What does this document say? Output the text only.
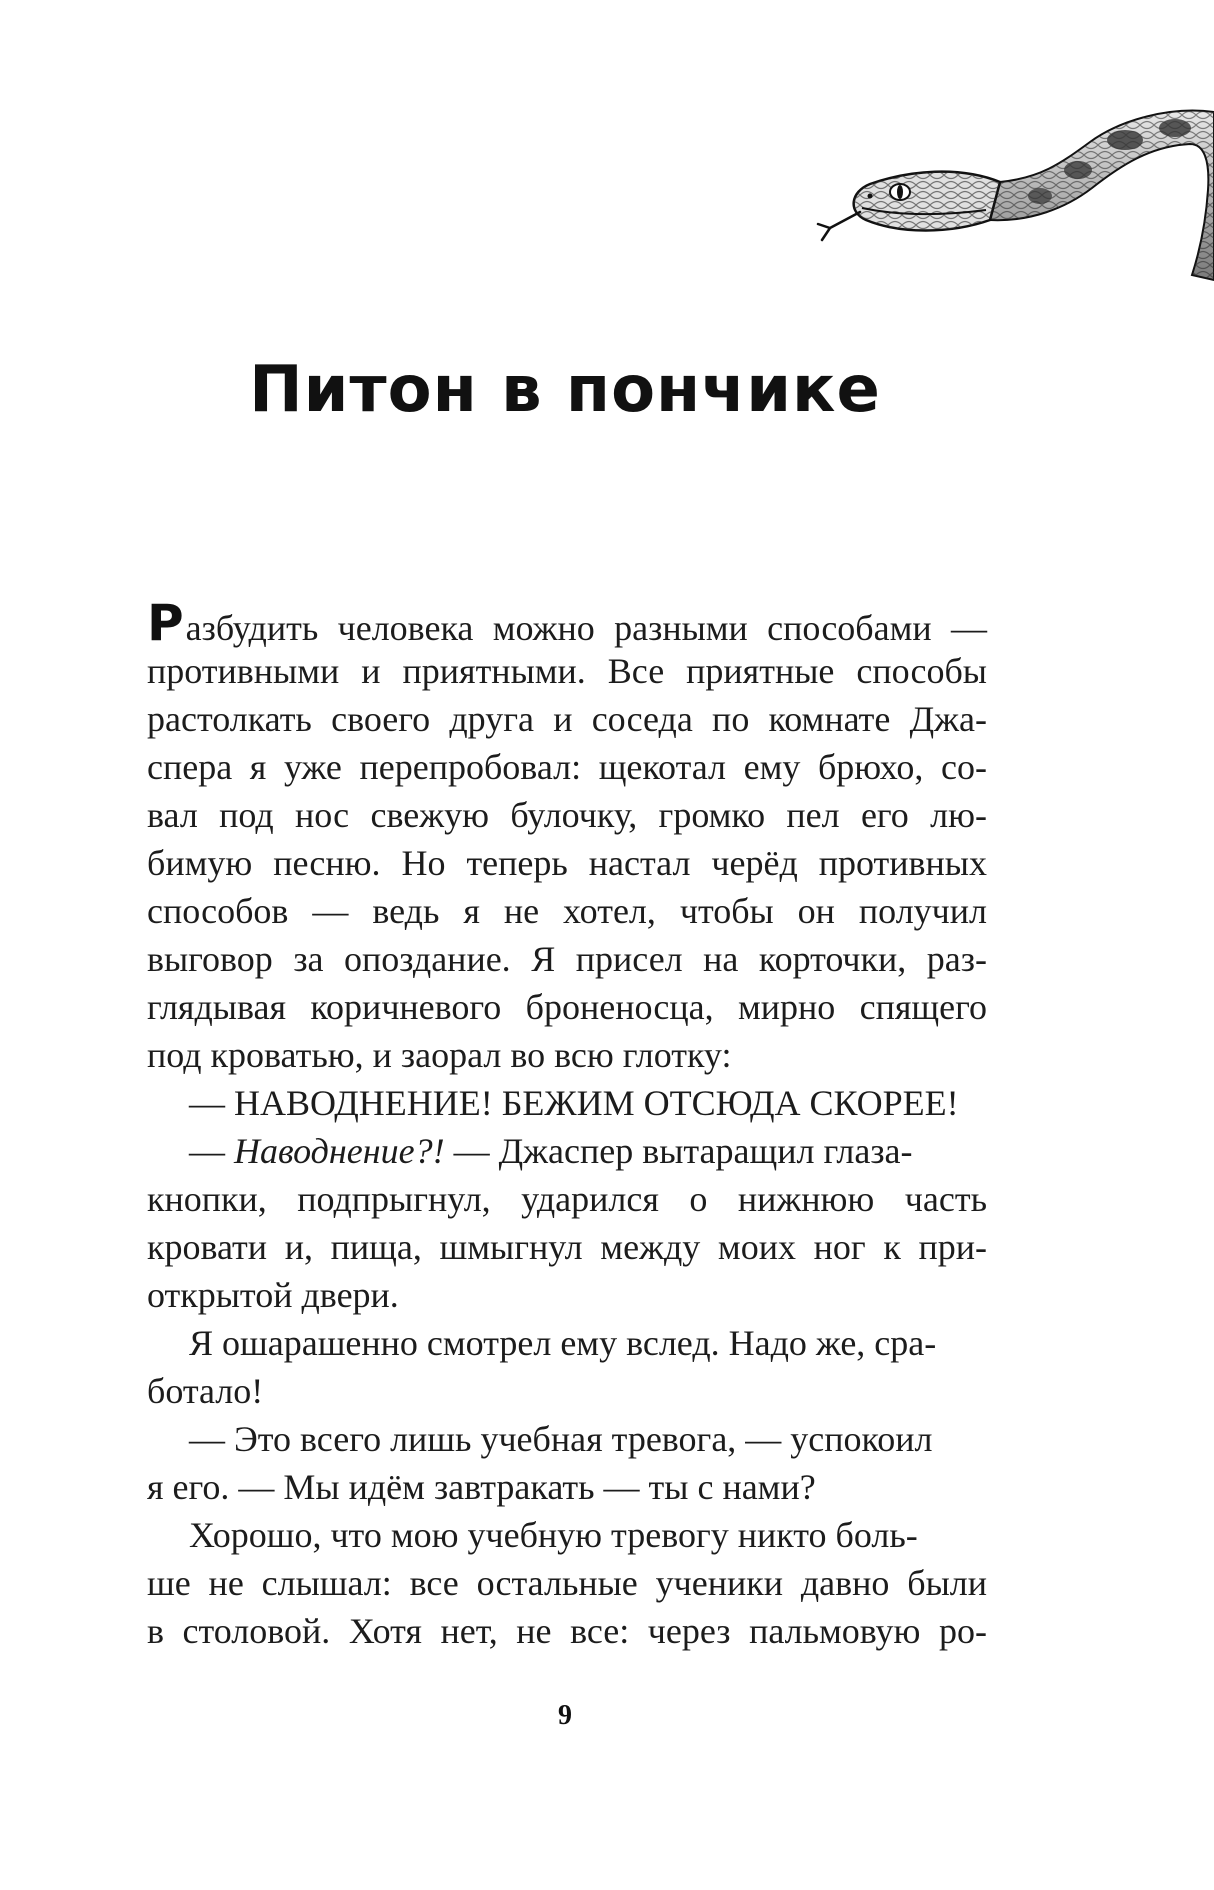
Питон в пончике
Разбудить человека можно разными способами —
противными и приятными. Все приятные способы
растолкать своего друга и соседа по комнате Джа-
спера я уже перепробовал: щекотал ему брюхо, со-
вал под нос свежую булочку, громко пел его лю-
бимую песню. Но теперь настал черёд противных
способов — ведь я не хотел, чтобы он получил
выговор за опоздание. Я присел на корточки, раз-
глядывая коричневого броненосца, мирно спящего
под кроватью, и заорал во всю глотку:
— НАВОДНЕНИЕ! БЕЖИМ ОТСЮДА СКОРЕЕ!
— Наводнение?! — Джаспер вытаращил глаза-
кнопки, подпрыгнул, ударился о нижнюю часть
кровати и, пища, шмыгнул между моих ног к при-
открытой двери.
Я ошарашенно смотрел ему вслед. Надо же, сра-
ботало!
— Это всего лишь учебная тревога, — успокоил
я его. — Мы идём завтракать — ты с нами?
Хорошо, что мою учебную тревогу никто боль-
ше не слышал: все остальные ученики давно были
в столовой. Хотя нет, не все: через пальмовую ро-
9
